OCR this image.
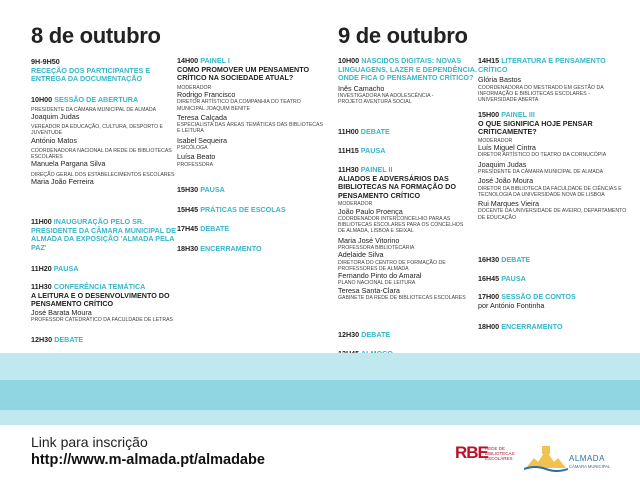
8 de outubro
9H-9H50
RECEÇÃO DOS PARTICIPANTES E ENTREGA DA DOCUMENTAÇÃO
10H00 SESSÃO DE ABERTURA
PRESIDENTE DA CÂMARA MUNICIPAL DE ALMADA
Joaquim Judas
VEREADOR DA EDUCAÇÃO, CULTURA, DESPORTO E JUVENTUDE
António Matos
COORDENADORA NACIONAL DA REDE DE BIBLIOTECAS ESCOLARES
Manuela Pargana Silva
DIREÇÃO GERAL DOS ESTABELECIMENTOS ESCOLARES
Maria João Ferreira
11H00 INAUGURAÇÃO PELO SR. PRESIDENTE DA CÂMARA MUNICIPAL DE ALMADA DA EXPOSIÇÃO 'ALMADA PELA PAZ'
11H20 PAUSA
11H30 CONFERÊNCIA TEMÁTICA
A LEITURA E O DESENVOLVIMENTO DO PENSAMENTO CRÍTICO
José Barata Moura
PROFESSOR CATEDRÁTICO DA FACULDADE DE LETRAS
12H30 DEBATE
14H00 PAINEL I
COMO PROMOVER UM PENSAMENTO CRÍTICO NA SOCIEDADE ATUAL?
MODERADOR
Rodrigo Francisco
DIRETOR ARTÍSTICO DA COMPANHIA DO TEATRO MUNICIPAL JOAQUIM BENITE
Teresa Calçada
ESPECIALISTA DAS ÁREAS TEMÁTICAS DAS BIBLIOTECAS E LEITURA
Isabel Sequeira
PSICÓLOGA
Luísa Beato
PROFESSORA
15H30 PAUSA
15H45 PRÁTICAS DE ESCOLAS
17H45 DEBATE
18H30 ENCERRAMENTO
9 de outubro
10H00 NASCIDOS DIGITAIS: NOVAS LINGUAGENS, LAZER E DEPENDÊNCIA. ONDE FICA O PENSAMENTO CRÍTICO?
Inês Camacho
INVESTIGADORA NA ADOLESCÊNCIA - PROJETO AVENTURA SOCIAL
11H00 DEBATE
11H15 PAUSA
11H30 PAINEL II
ALIADOS E ADVERSÁRIOS DAS BIBLIOTECAS NA FORMAÇÃO DO PENSAMENTO CRÍTICO
MODERADOR
João Paulo Proença
COORDENADOR INTERCONCELHIO PARA AS BIBLIOTECAS ESCOLARES PARA OS CONCELHOS DE ALMADA, LISBOA E SEIXAL
Maria José Vitorino
PROFESSORA BIBLIOTECÁRIA
Adelaide Silva
DIRETORA DO CENTRO DE FORMAÇÃO DE PROFESSORES DE ALMADA
Fernando Pinto do Amaral
PLANO NACIONAL DE LEITURA
Teresa Santa-Clara
GABINETE DA REDE DE BIBLIOTECAS ESCOLARES
12H30 DEBATE
14H15 LITERATURA E PENSAMENTO CRÍTICO
Glória Bastos
COORDENADORA DO MESTRADO EM GESTÃO DA INFORMAÇÃO E BIBLIOTECAS ESCOLARES - UNIVERSIDADE ABERTA
15H00 PAINEL III
O QUE SIGNIFICA HOJE PENSAR CRITICAMENTE?
MODERADOR
Luís Miguel Cintra
DIRETOR ARTÍSTICO DO TEATRO DA CORNUCÓPIA
Joaquim Judas
PRESIDENTE DA CÂMARA MUNICIPAL DE ALMADA
José João Moura
DIRETOR DA BIBLIOTECA DA FACULDADE DE CIÊNCIAS E TECNOLOGIA DA UNIVERSIDADE NOVA DE LISBOA
Rui Marques Vieira
DOCENTE DA UNIVERSIDADE DE AVEIRO, DEPARTAMENTO DE EDUCAÇÃO
16H30 DEBATE
16H45 PAUSA
17H00 SESSÃO DE CONTOS
por António Fontinha
18H00 ENCERRAMENTO
Link para inscrição
http://www.m-almada.pt/almadabe	RBE
REDE DE BIBLIOTECAS ESCOLARES	ALMADA
CÂMARA MUNICIPAL
